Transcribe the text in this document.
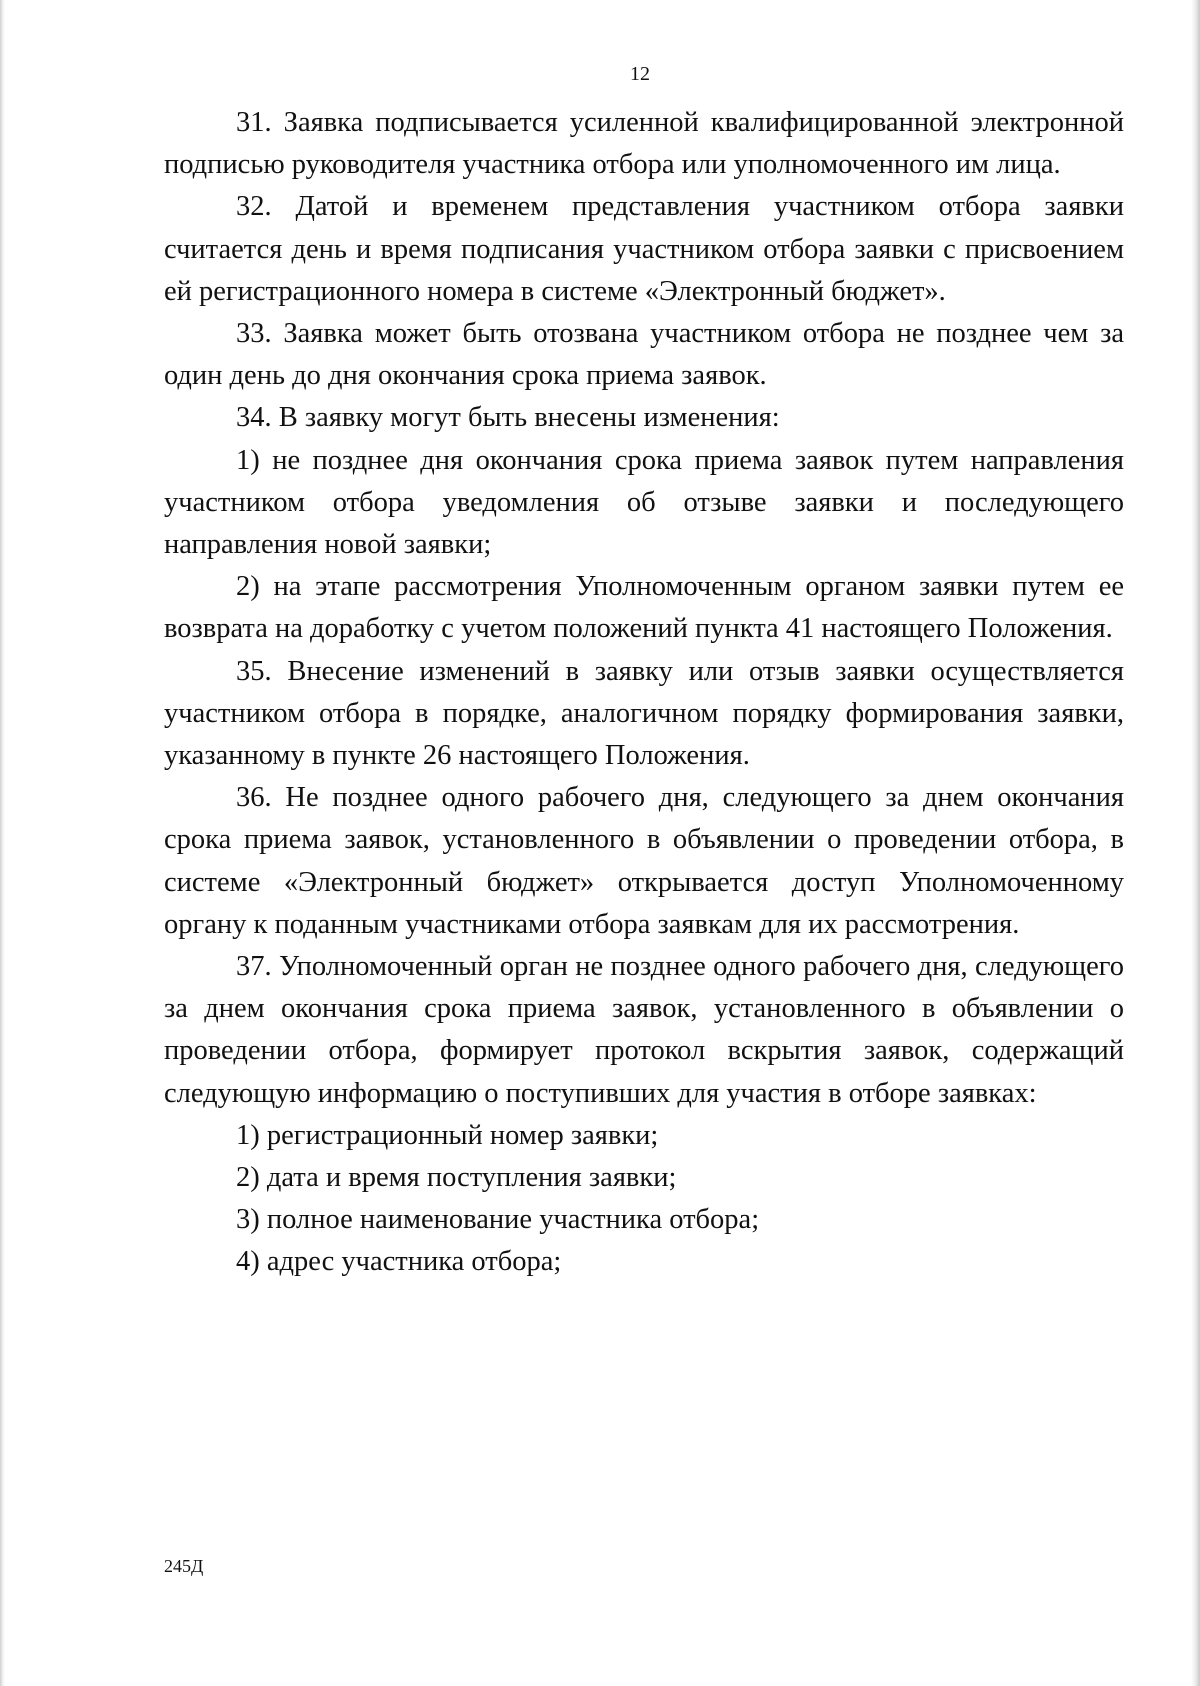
12

31. Заявка подписывается усиленной квалифицированной электронной подписью руководителя участника отбора или уполномоченного им лица.

32. Датой и временем представления участником отбора заявки считается день и время подписания участником отбора заявки с присвоением ей регистрационного номера в системе «Электронный бюджет».

33. Заявка может быть отозвана участником отбора не позднее чем за один день до дня окончания срока приема заявок.

34. В заявку могут быть внесены изменения:

1) не позднее дня окончания срока приема заявок путем направления участником отбора уведомления об отзыве заявки и последующего направления новой заявки;

2) на этапе рассмотрения Уполномоченным органом заявки путем ее возврата на доработку с учетом положений пункта 41 настоящего Положения.

35. Внесение изменений в заявку или отзыв заявки осуществляется участником отбора в порядке, аналогичном порядку формирования заявки, указанному в пункте 26 настоящего Положения.

36. Не позднее одного рабочего дня, следующего за днем окончания срока приема заявок, установленного в объявлении о проведении отбора, в системе «Электронный бюджет» открывается доступ Уполномоченному органу к поданным участниками отбора заявкам для их рассмотрения.

37. Уполномоченный орган не позднее одного рабочего дня, следующего за днем окончания срока приема заявок, установленного в объявлении о проведении отбора, формирует протокол вскрытия заявок, содержащий следующую информацию о поступивших для участия в отборе заявках:

1) регистрационный номер заявки;

2) дата и время поступления заявки;

3) полное наименование участника отбора;

4) адрес участника отбора;

245Д
